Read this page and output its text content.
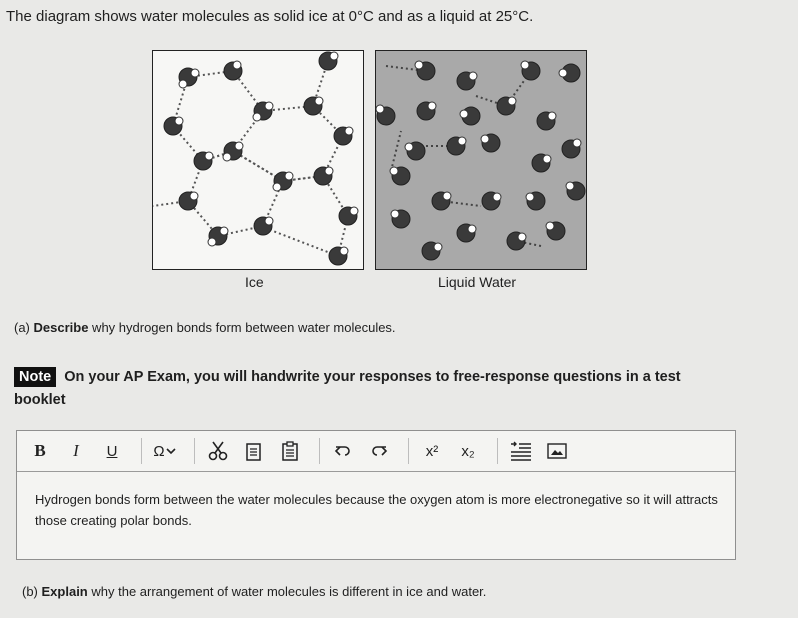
The diagram shows water molecules as solid ice at 0°C and as a liquid at 25°C.
Ice	Liquid Water
(a) Describe why hydrogen bonds form between water molecules.
Note On your AP Exam, you will handwrite your responses to free-response questions in a test booklet
B	I	U	Ω	x²	x₂
Hydrogen bonds form between the water molecules because the oxygen atom is more electronegative so it will attracts those creating polar bonds.
(b) Explain why the arrangement of water molecules is different in ice and water.
